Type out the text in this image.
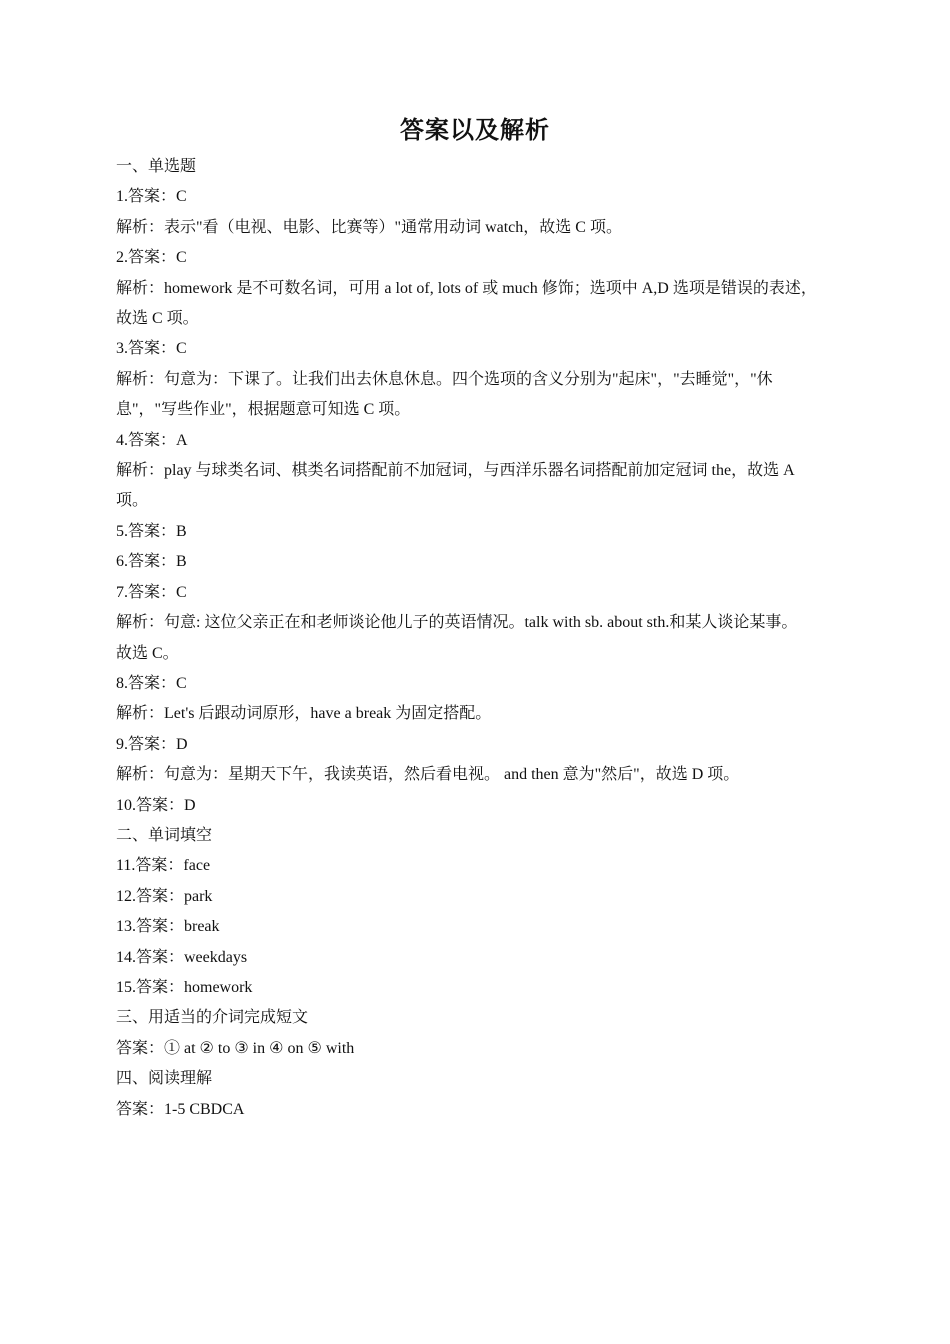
答案以及解析
一、单选题
1.答案：C
解析：表示"看（电视、电影、比赛等）"通常用动词 watch，故选 C 项。
2.答案：C
解析：homework 是不可数名词，可用 a lot of, lots of 或 much 修饰；选项中 A,D 选项是错误的表述，
故选 C 项。
3.答案：C
解析：句意为：下课了。让我们出去休息休息。四个选项的含义分别为"起床"，"去睡觉"，"休
息"，"写些作业"，根据题意可知选 C 项。
4.答案：A
解析：play 与球类名词、棋类名词搭配前不加冠词，与西洋乐器名词搭配前加定冠词 the，故选 A
项。
5.答案：B
6.答案：B
7.答案：C
解析：句意: 这位父亲正在和老师谈论他儿子的英语情况。talk with sb. about sth.和某人谈论某事。
故选 C。
8.答案：C
解析：Let's 后跟动词原形，have a break 为固定搭配。
9.答案：D
解析：句意为：星期天下午，我读英语，然后看电视。 and then 意为"然后"，故选 D 项。
10.答案：D
二、单词填空
11.答案：face
12.答案：park
13.答案：break
14.答案：weekdays
15.答案：homework
三、用适当的介词完成短文
答案：① at ② to ③ in ④ on ⑤ with
四、阅读理解
答案：1-5 CBDCA
